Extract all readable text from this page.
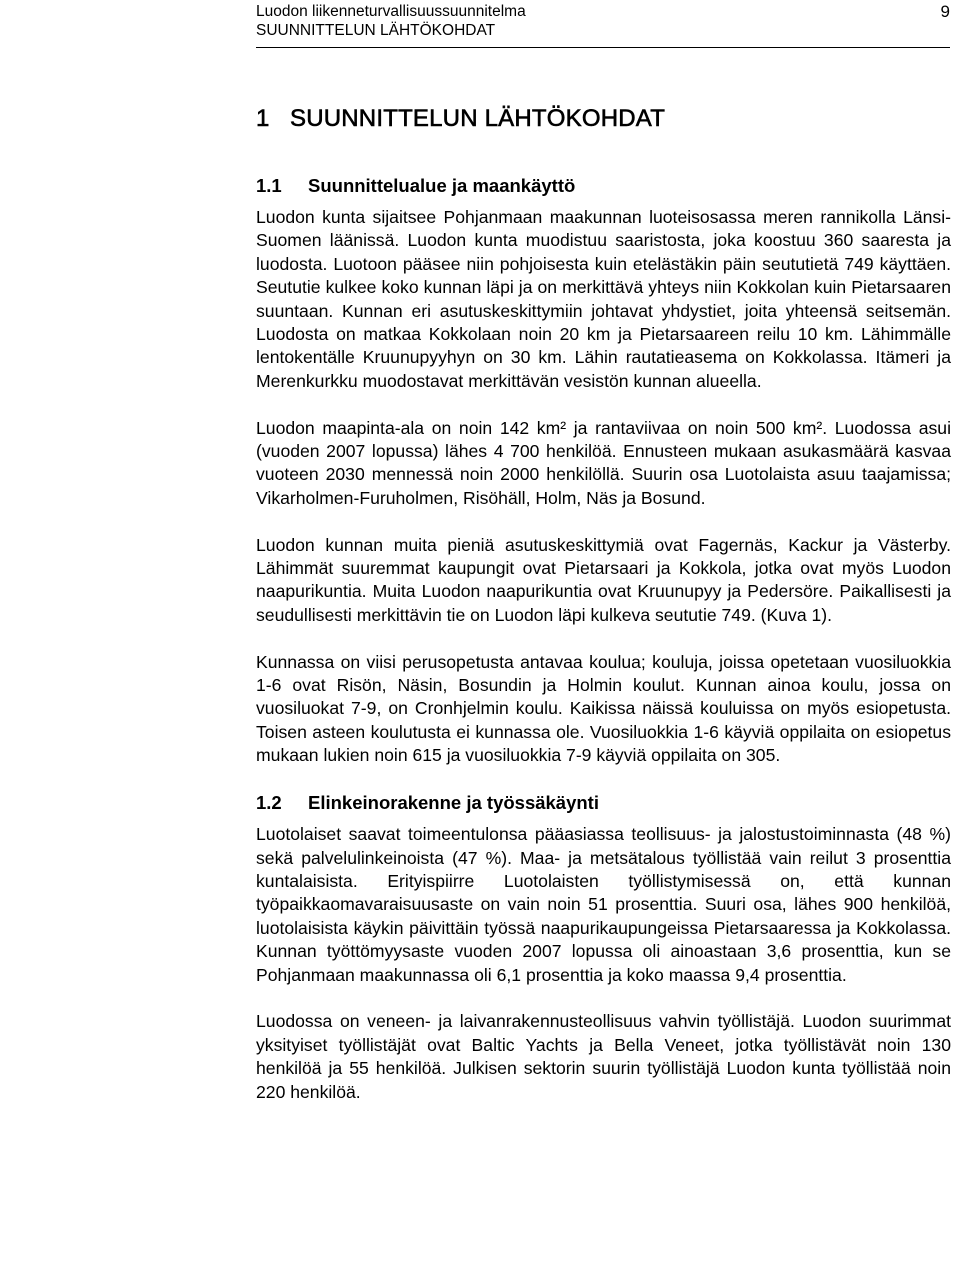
Luodon liikenneturvallisuussuunnitelma
SUUNNITTELUN LÄHTÖKOHDAT
9
1 SUUNNITTELUN LÄHTÖKOHDAT
1.1 Suunnittelualue ja maankäyttö

Luodon kunta sijaitsee Pohjanmaan maakunnan luoteisosassa meren rannikolla Länsi-Suomen läänissä. Luodon kunta muodistuu saaristosta, joka koostuu 360 saaresta ja luodosta. Luotoon pääsee niin pohjoisesta kuin etelästäkin päin seututietä 749 käyttäen. Seututie kulkee koko kunnan läpi ja on merkittävä yhteys niin Kokkolan kuin Pietarsaaren suuntaan. Kunnan eri asutuskeskittymiin johtavat yhdystiet, joita yhteensä seitsemän. Luodosta on matkaa Kokkolaan noin 20 km ja Pietarsaareen reilu 10 km. Lähimmälle lentokentälle Kruunupyyhyn on 30 km. Lähin rautatieasema on Kokkolassa. Itämeri ja Merenkurkku muodostavat merkittävän vesistön kunnan alueella.

Luodon maapinta-ala on noin 142 km² ja rantaviivaa on noin 500 km². Luodossa asui (vuoden 2007 lopussa) lähes 4 700 henkilöä. Ennusteen mukaan asukasmäärä kasvaa vuoteen 2030 mennessä noin 2000 henkilöllä. Suurin osa Luotolaista asuu taajamissa; Vikarholmen-Furuholmen, Risöhäll, Holm, Näs ja Bosund.

Luodon kunnan muita pieniä asutuskeskittymiä ovat Fagernäs, Kackur ja Västerby. Lähimmät suuremmat kaupungit ovat Pietarsaari ja Kokkola, jotka ovat myös Luodon naapurikuntia. Muita Luodon naapurikuntia ovat Kruunupyy ja Pedersöre. Paikallisesti ja seudullisesti merkittävin tie on Luodon läpi kulkeva seututie 749. (Kuva 1).

Kunnassa on viisi perusopetusta antavaa koulua; kouluja, joissa opetetaan vuosiluokkia 1-6 ovat Risön, Näsin, Bosundin ja Holmin koulut. Kunnan ainoa koulu, jossa on vuosiluokat 7-9, on Cronhjelmin koulu. Kaikissa näissä kouluissa on myös esiopetusta. Toisen asteen koulutusta ei kunnassa ole. Vuosiluokkia 1-6 käyviä oppilaita on esiopetus mukaan lukien noin 615 ja vuosiluokkia 7-9 käyviä oppilaita on 305.

1.2 Elinkeinorakenne ja työssäkäynti

Luotolaiset saavat toimeentulonsa pääasiassa teollisuus- ja jalostustoiminnasta (48 %) sekä palvelulinkeinoista (47 %). Maa- ja metsätalous työllistää vain reilut 3 prosenttia kuntalaisista. Erityispiirre Luotolaisten työllistymisessä on, että kunnan työpaikkaomavaraisuusaste on vain noin 51 prosenttia. Suuri osa, lähes 900 henkilöä, luotolaisista käykin päivittäin työssä naapurikaupungeissa Pietarsaaressa ja Kokkolassa. Kunnan työttömyysaste vuoden 2007 lopussa oli ainoastaan 3,6 prosenttia, kun se Pohjanmaan maakunnassa oli 6,1 prosenttia ja koko maassa 9,4 prosenttia.

Luodossa on veneen- ja laivanrakennusteollisuus vahvin työllistäjä. Luodon suurimmat yksityiset työllistäjät ovat Baltic Yachts ja Bella Veneet, jotka työllistävät noin 130 henkilöä ja 55 henkilöä. Julkisen sektorin suurin työllistäjä Luodon kunta työllistää noin 220 henkilöä.
